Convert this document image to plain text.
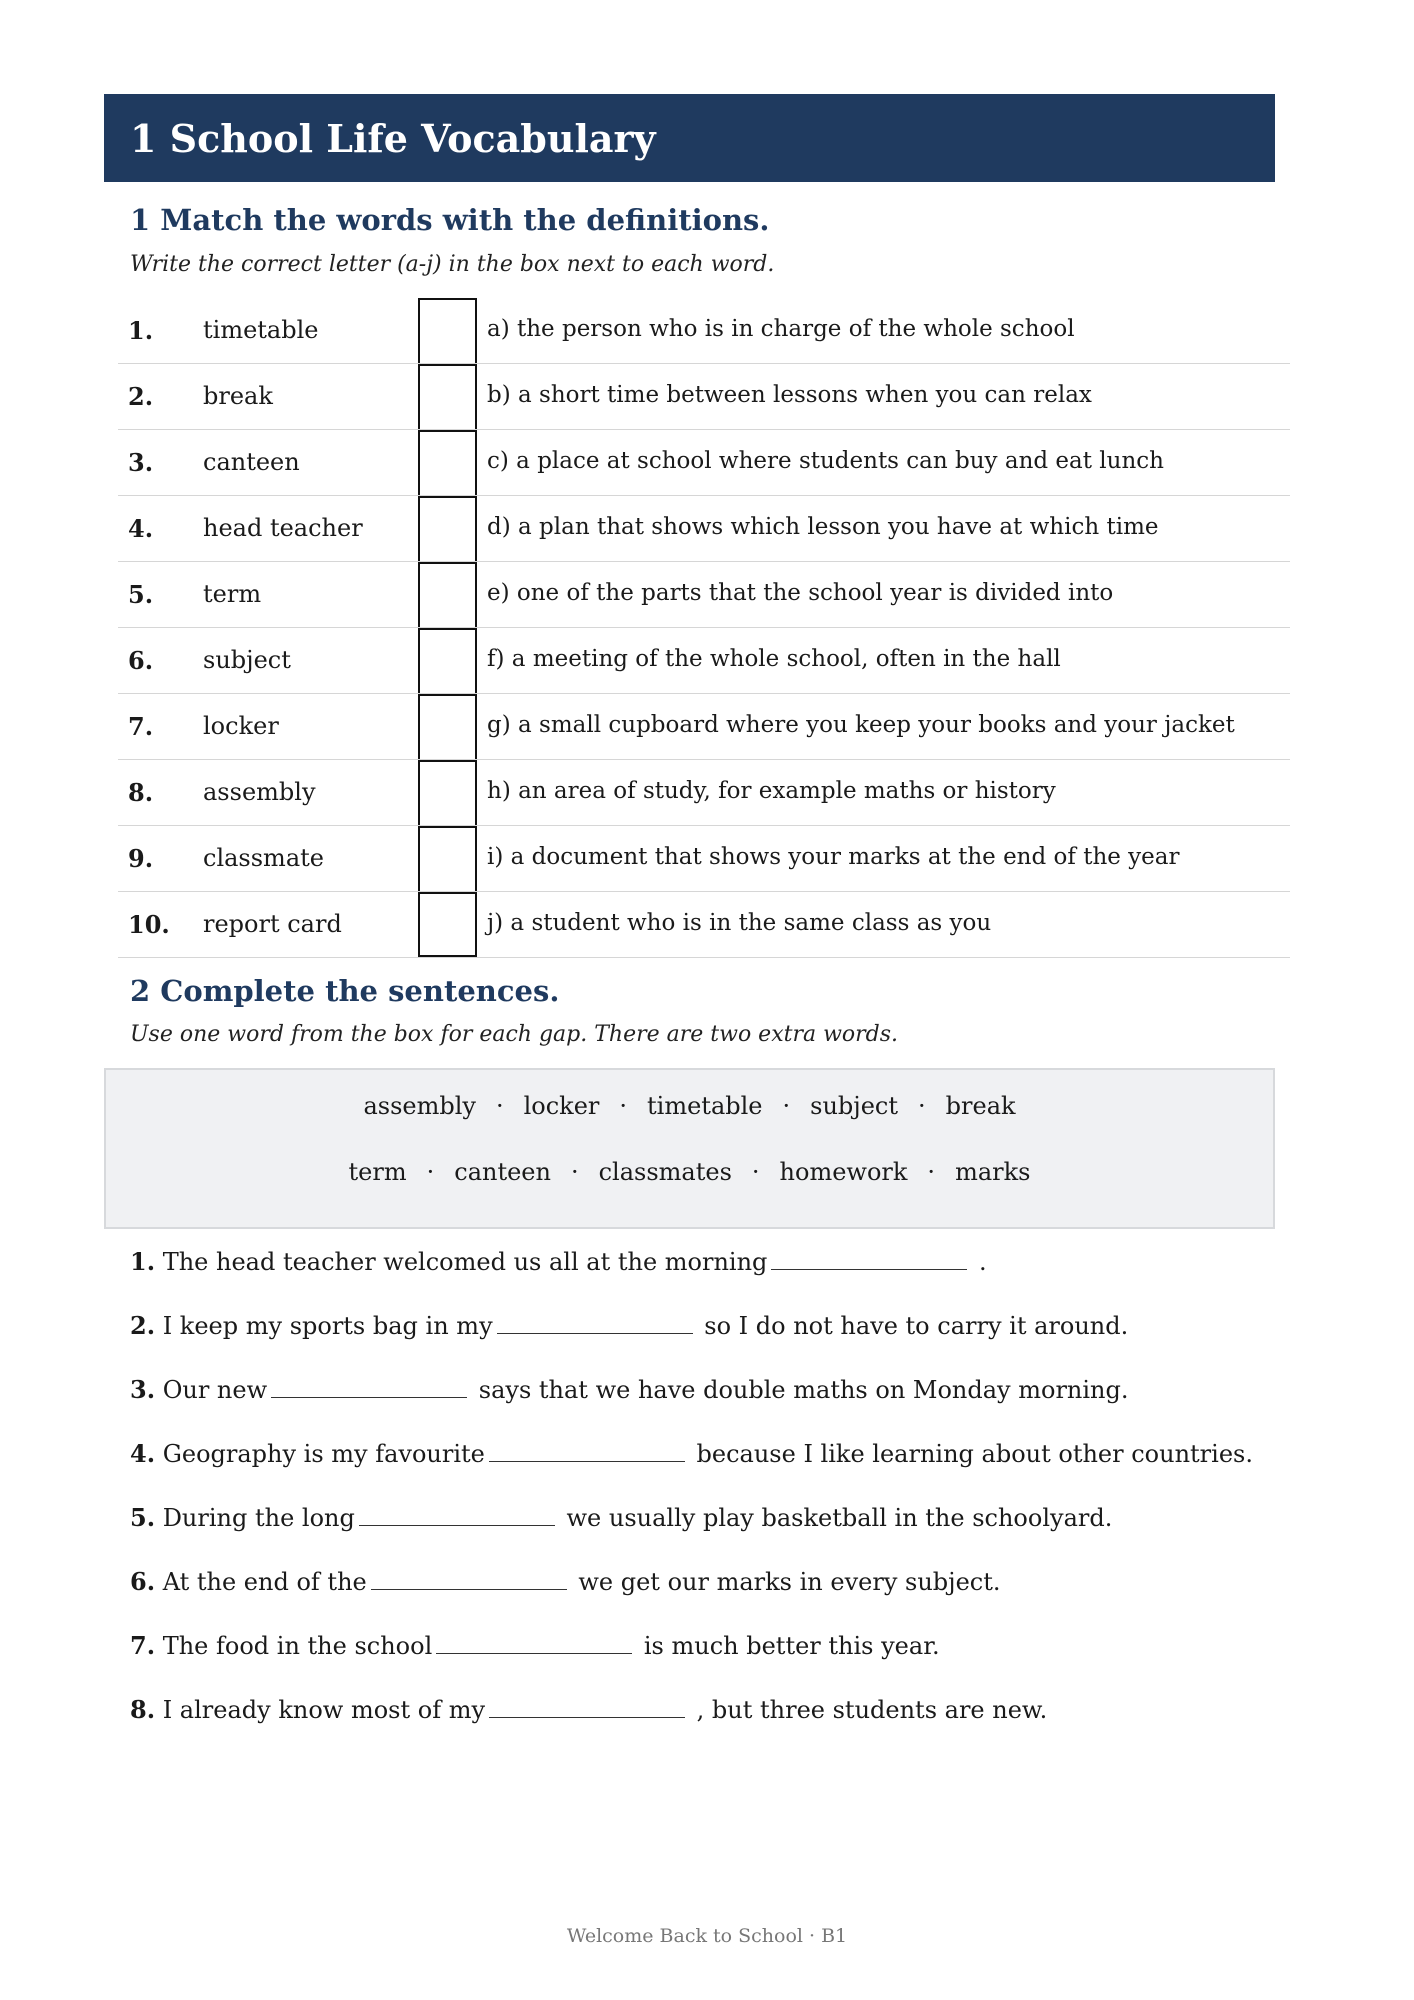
1 School Life Vocabulary
1 Match the words with the definitions.
Write the correct letter (a-j) in the box next to each word.
1. timetable	a) the person who is in charge of the whole school
2. break	b) a short time between lessons when you can relax
3. canteen	c) a place at school where students can buy and eat lunch
4. head teacher	d) a plan that shows which lesson you have at which time
5. term	e) one of the parts that the school year is divided into
6. subject	f) a meeting of the whole school, often in the hall
7. locker	g) a small cupboard where you keep your books and your jacket
8. assembly	h) an area of study, for example maths or history
9. classmate	i) a document that shows your marks at the end of the year
10. report card	j) a student who is in the same class as you
2 Complete the sentences.
Use one word from the box for each gap. There are two extra words.
assembly · locker · timetable · subject · break
term · canteen · classmates · homework · marks
1. The head teacher welcomed us all at the morning	.
2. I keep my sports bag in my	so I do not have to carry it around.
3. Our new	says that we have double maths on Monday morning.
4. Geography is my favourite	because I like learning about other countries.
5. During the long	we usually play basketball in the schoolyard.
6. At the end of the	we get our marks in every subject.
7. The food in the school	is much better this year.
8. I already know most of my	, but three students are new.
Welcome Back to School · B1
